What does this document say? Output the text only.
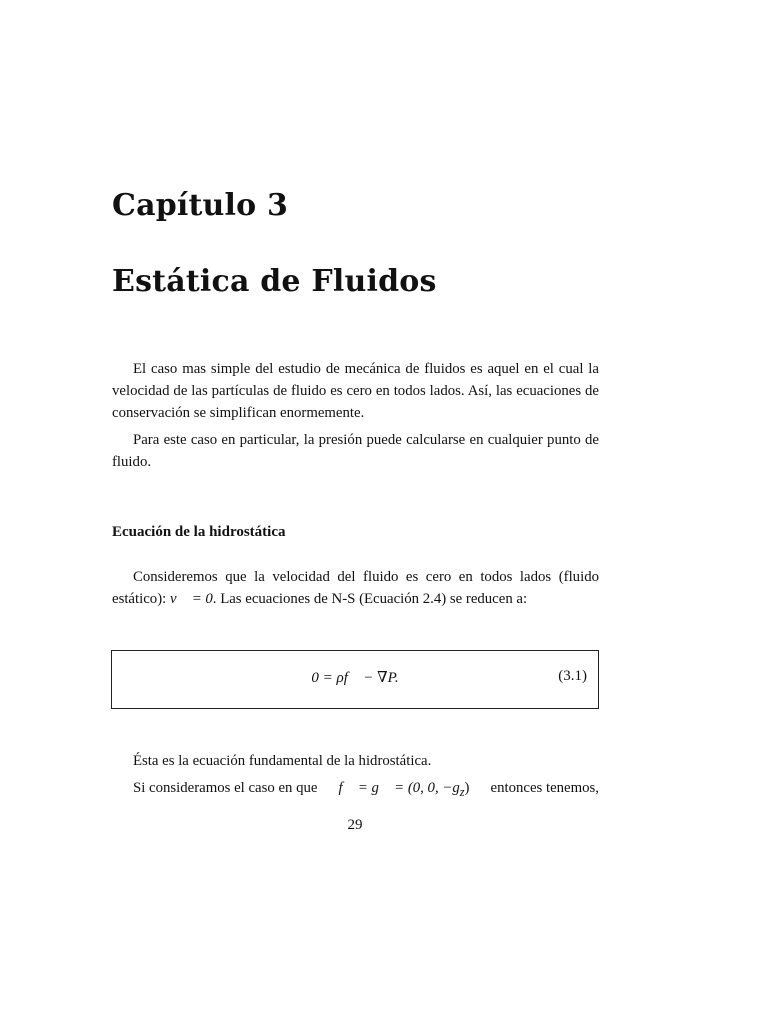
Capítulo 3
Estática de Fluidos

El caso mas simple del estudio de mecánica de fluidos es aquel en el cual la velocidad de las partículas de fluido es cero en todos lados. Así, las ecuaciones de conservación se simplifican enormemente.

Para este caso en particular, la presión puede calcularse en cualquier punto de fluido.

Ecuación de la hidrostática

Consideremos que la velocidad del fluido es cero en todos lados (fluido estático): v⃗ = 0. Las ecuaciones de N-S (Ecuación 2.4) se reducen a:

0 = ρf⃗ − ∇P.	(3.1)

Ésta es la ecuación fundamental de la hidrostática.

Si consideramos el caso en que f⃗ = g⃗ = (0, 0, $-g_z$) entonces tenemos,
29
